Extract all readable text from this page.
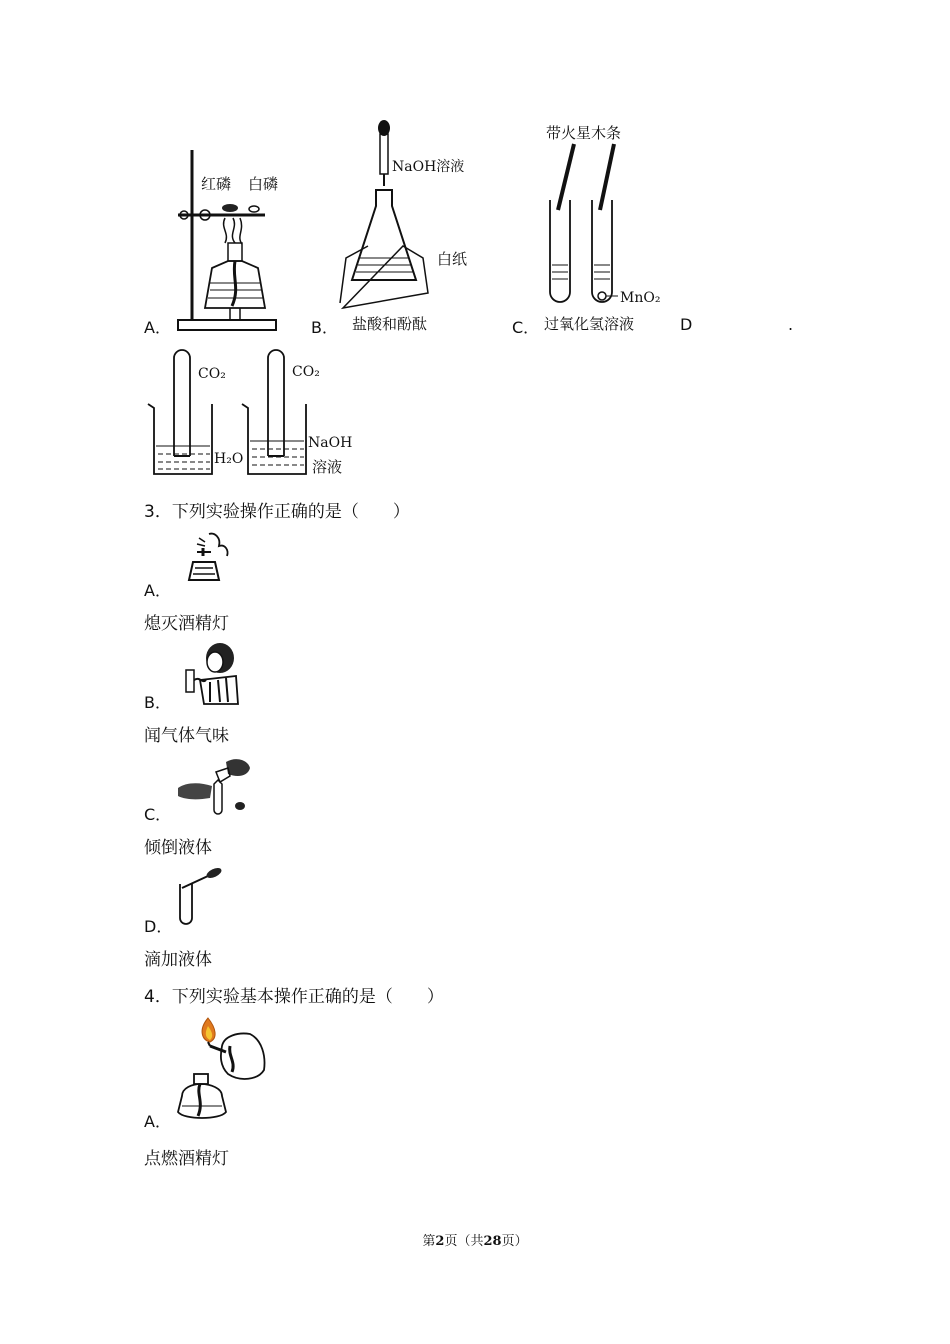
A．
红磷 白磷
B．
NaOH溶液
白纸
盐酸和酚酞	C．
带火星木条
MnO₂
过氧化氢溶液	D	.
CO₂	CO₂
H₂O
NaOH
溶液
3．下列实验操作正确的是（　　）
A．
熄灭酒精灯
B．
闻气体气味
C．
倾倒液体
D．
滴加液体
4．下列实验基本操作正确的是（　　）
A．
点燃酒精灯
第2页（共28页）
